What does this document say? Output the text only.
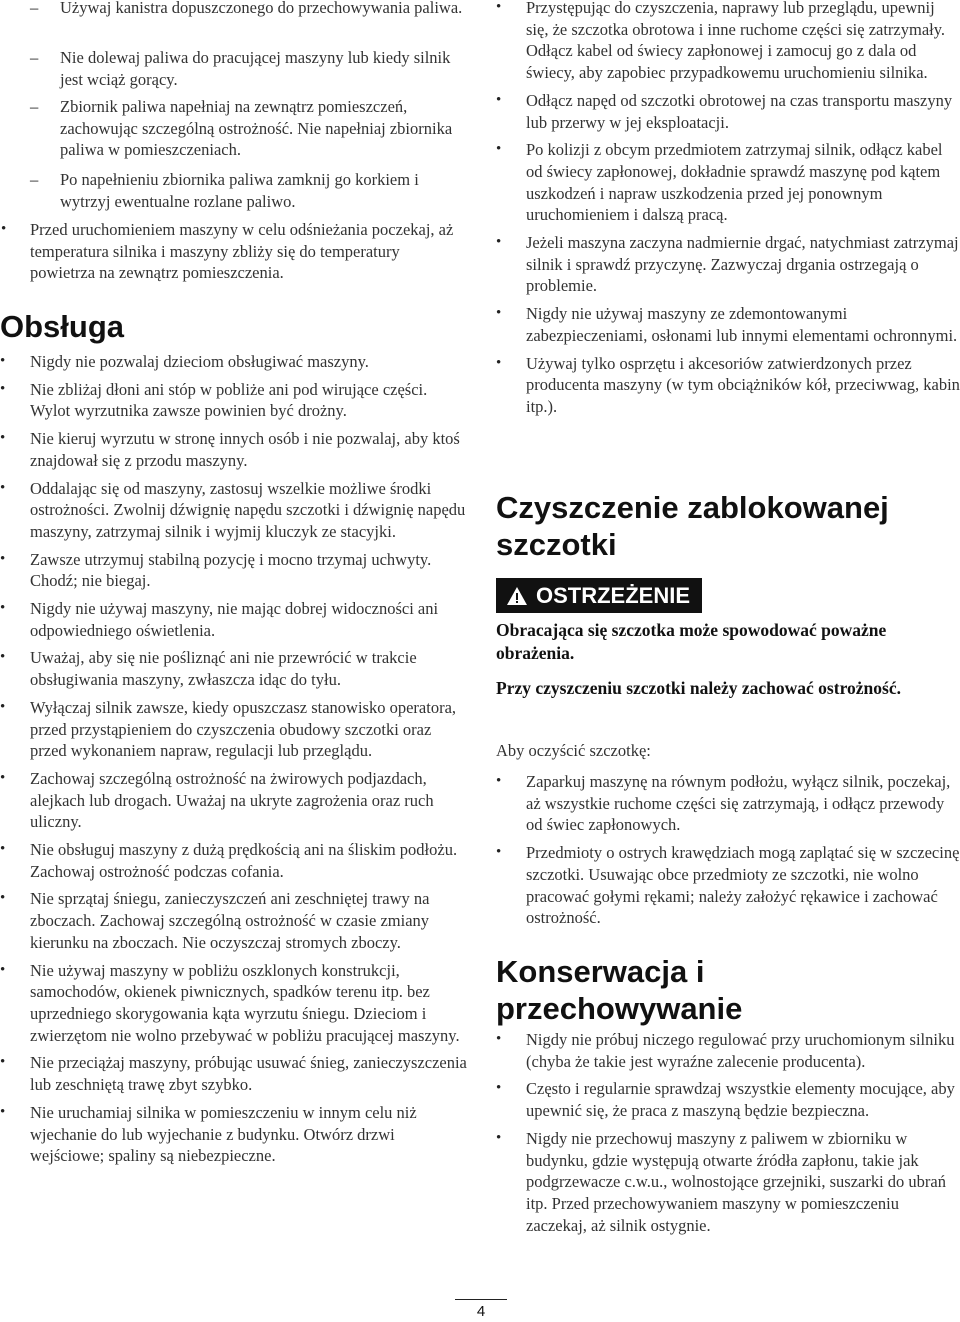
– Używaj kanistra dopuszczonego do przechowywania paliwa.
– Nie dolewaj paliwa do pracującej maszyny lub kiedy silnik jest wciąż gorący.
– Zbiornik paliwa napełniaj na zewnątrz pomieszczeń, zachowując szczególną ostrożność. Nie napełniaj zbiornika paliwa w pomieszczeniach.
– Po napełnieniu zbiornika paliwa zamknij go korkiem i wytrzyj ewentualne rozlane paliwo.
• Przed uruchomieniem maszyny w celu odśnieżania poczekaj, aż temperatura silnika i maszyny zbliży się do temperatury powietrza na zewnątrz pomieszczenia.
Obsługa
• Nigdy nie pozwalaj dzieciom obsługiwać maszyny.
• Nie zbliżaj dłoni ani stóp w pobliże ani pod wirujące części. Wylot wyrzutnika zawsze powinien być drożny.
• Nie kieruj wyrzutu w stronę innych osób i nie pozwalaj, aby ktoś znajdował się z przodu maszyny.
• Oddalając się od maszyny, zastosuj wszelkie możliwe środki ostrożności. Zwolnij dźwignię napędu szczotki i dźwignię napędu maszyny, zatrzymaj silnik i wyjmij kluczyk ze stacyjki.
• Zawsze utrzymuj stabilną pozycję i mocno trzymaj uchwyty. Chodź; nie biegaj.
• Nigdy nie używaj maszyny, nie mając dobrej widoczności ani odpowiedniego oświetlenia.
• Uważaj, aby się nie pośliznąć ani nie przewrócić w trakcie obsługiwania maszyny, zwłaszcza idąc do tyłu.
• Wyłączaj silnik zawsze, kiedy opuszczasz stanowisko operatora, przed przystąpieniem do czyszczenia obudowy szczotki oraz przed wykonaniem napraw, regulacji lub przeglądu.
• Zachowaj szczególną ostrożność na żwirowych podjazdach, alejkach lub drogach. Uważaj na ukryte zagrożenia oraz ruch uliczny.
• Nie obsługuj maszyny z dużą prędkością ani na śliskim podłożu. Zachowaj ostrożność podczas cofania.
• Nie sprzątaj śniegu, zanieczyszczeń ani zeschniętej trawy na zboczach. Zachowaj szczególną ostrożność w czasie zmiany kierunku na zboczach. Nie oczyszczaj stromych zboczy.
• Nie używaj maszyny w pobliżu oszklonych konstrukcji, samochodów, okienek piwnicznych, spadków terenu itp. bez uprzedniego skorygowania kąta wyrzutu śniegu. Dzieciom i zwierzętom nie wolno przebywać w pobliżu pracującej maszyny.
• Nie przeciążaj maszyny, próbując usuwać śnieg, zanieczyszczenia lub zeschniętą trawę zbyt szybko.
• Nie uruchamiaj silnika w pomieszczeniu w innym celu niż wjechanie do lub wyjechanie z budynku. Otwórz drzwi wejściowe; spaliny są niebezpieczne.
• Przystępując do czyszczenia, naprawy lub przeglądu, upewnij się, że szczotka obrotowa i inne ruchome części się zatrzymały. Odłącz kabel od świecy zapłonowej i zamocuj go z dala od świecy, aby zapobiec przypadkowemu uruchomieniu silnika.
• Odłącz napęd od szczotki obrotowej na czas transportu maszyny lub przerwy w jej eksploatacji.
• Po kolizji z obcym przedmiotem zatrzymaj silnik, odłącz kabel od świecy zapłonowej, dokładnie sprawdź maszynę pod kątem uszkodzeń i napraw uszkodzenia przed jej ponownym uruchomieniem i dalszą pracą.
• Jeżeli maszyna zaczyna nadmiernie drgać, natychmiast zatrzymaj silnik i sprawdź przyczynę. Zazwyczaj drgania ostrzegają o problemie.
• Nigdy nie używaj maszyny ze zdemontowanymi zabezpieczeniami, osłonami lub innymi elementami ochronnymi.
• Używaj tylko osprzętu i akcesoriów zatwierdzonych przez producenta maszyny (w tym obciążników kół, przeciwwag, kabin itp.).
Czyszczenie zablokowanej szczotki
OSTRZEŻENIE
Obracająca się szczotka może spowodować poważne obrażenia.
Przy czyszczeniu szczotki należy zachować ostrożność.
Aby oczyścić szczotkę:
• Zaparkuj maszynę na równym podłożu, wyłącz silnik, poczekaj, aż wszystkie ruchome części się zatrzymają, i odłącz przewody od świec zapłonowych.
• Przedmioty o ostrych krawędziach mogą zaplątać się w szczecinę szczotki. Usuwając obce przedmioty ze szczotki, nie wolno pracować gołymi rękami; należy założyć rękawice i zachować ostrożność.
Konserwacja i przechowywanie
• Nigdy nie próbuj niczego regulować przy uruchomionym silniku (chyba że takie jest wyraźne zalecenie producenta).
• Często i regularnie sprawdzaj wszystkie elementy mocujące, aby upewnić się, że praca z maszyną będzie bezpieczna.
• Nigdy nie przechowuj maszyny z paliwem w zbiorniku w budynku, gdzie występują otwarte źródła zapłonu, takie jak podgrzewacze c.w.u., wolnostojące grzejniki, suszarki do ubrań itp. Przed przechowywaniem maszyny w pomieszczeniu zaczekaj, aż silnik ostygnie.
4
